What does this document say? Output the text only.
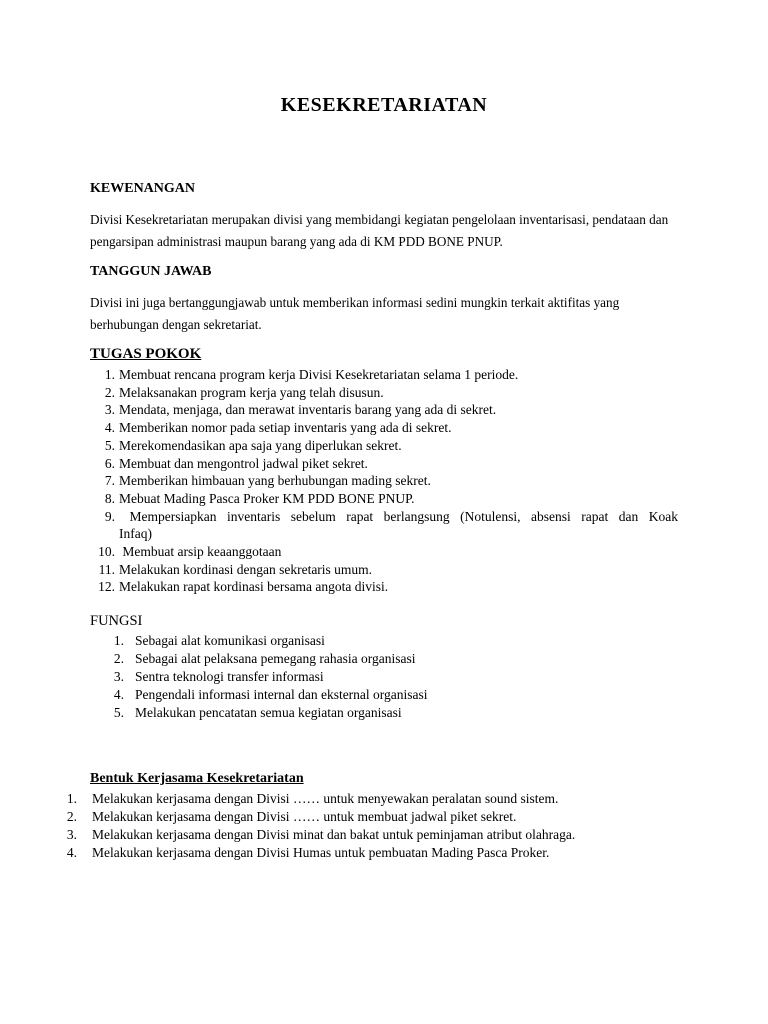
KESEKRETARIATAN
KEWENANGAN
Divisi Kesekretariatan merupakan divisi yang membidangi kegiatan pengelolaan inventarisasi, pendataan dan pengarsipan administrasi maupun barang yang ada di KM PDD BONE PNUP.
TANGGUN JAWAB
Divisi ini juga bertanggungjawab untuk memberikan informasi sedini mungkin terkait aktifitas yang berhubungan dengan sekretariat.
TUGAS POKOK
1. Membuat rencana program kerja Divisi Kesekretariatan selama 1 periode.
2. Melaksanakan program kerja yang telah disusun.
3. Mendata, menjaga, dan merawat inventaris barang yang ada di sekret.
4. Memberikan nomor pada setiap inventaris yang ada di sekret.
5. Merekomendasikan apa saja yang diperlukan sekret.
6. Membuat dan mengontrol jadwal piket sekret.
7. Memberikan himbauan yang berhubungan mading sekret.
8. Mebuat Mading Pasca Proker KM PDD BONE PNUP.
9. Mempersiapkan inventaris sebelum rapat berlangsung (Notulensi, absensi rapat dan Koak
Infaq)
10. Membuat arsip keaanggotaan
11. Melakukan kordinasi dengan sekretaris umum.
12. Melakukan rapat kordinasi bersama angota divisi.
FUNGSI
1. Sebagai alat komunikasi organisasi
2. Sebagai alat pelaksana pemegang rahasia organisasi
3. Sentra teknologi transfer informasi
4. Pengendali informasi internal dan eksternal organisasi
5. Melakukan pencatatan semua kegiatan organisasi
Bentuk Kerjasama Kesekretariatan
1. Melakukan kerjasama dengan Divisi …… untuk menyewakan peralatan sound sistem.
2. Melakukan kerjasama dengan Divisi …… untuk membuat jadwal piket sekret.
3. Melakukan kerjasama dengan Divisi minat dan bakat untuk peminjaman atribut olahraga.
4. Melakukan kerjasama dengan Divisi Humas untuk pembuatan Mading Pasca Proker.
